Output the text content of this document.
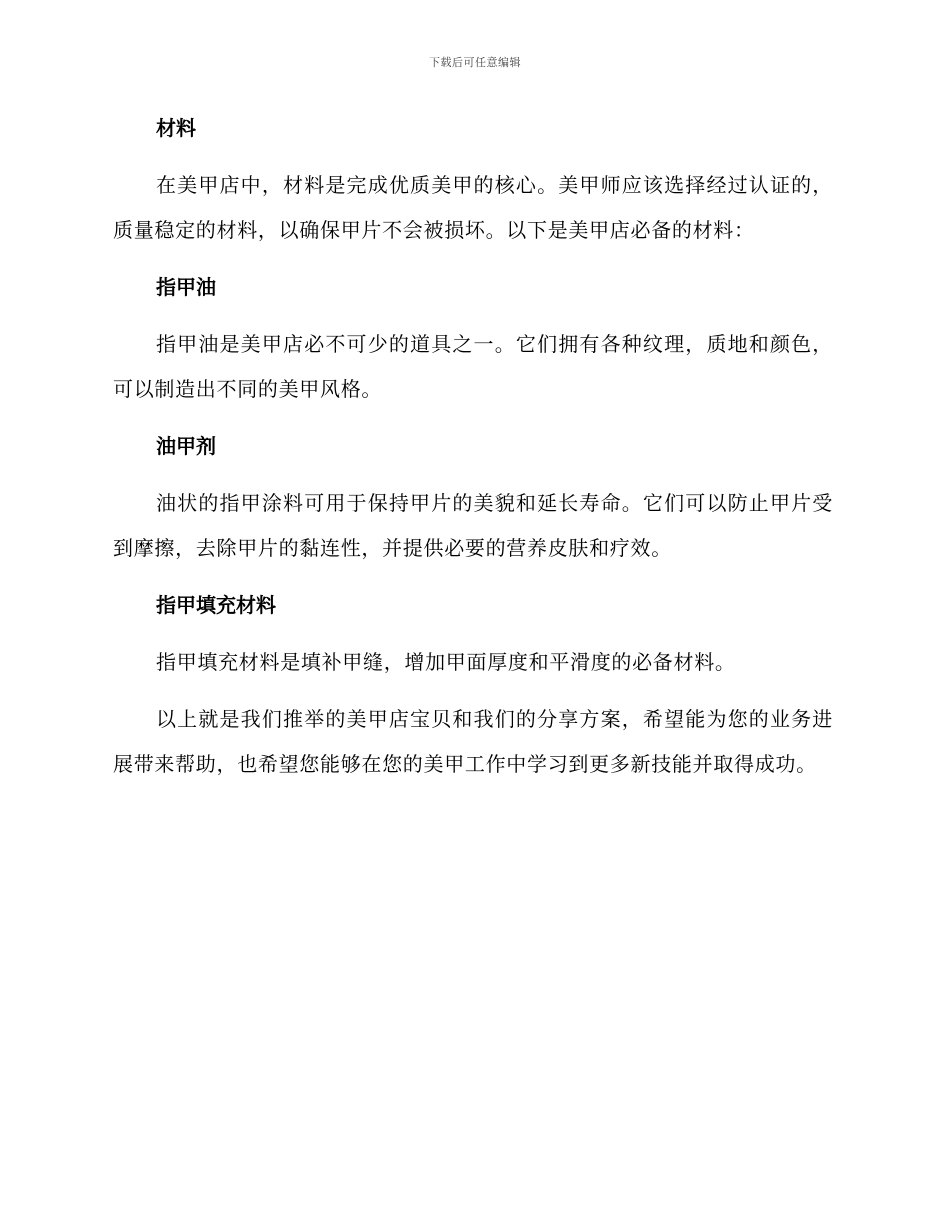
下载后可任意编辑
材料

在美甲店中，材料是完成优质美甲的核心。美甲师应该选择经过认证的，质量稳定的材料，以确保甲片不会被损坏。以下是美甲店必备的材料：

指甲油

指甲油是美甲店必不可少的道具之一。它们拥有各种纹理，质地和颜色，可以制造出不同的美甲风格。

油甲剂

油状的指甲涂料可用于保持甲片的美貌和延长寿命。它们可以防止甲片受到摩擦，去除甲片的黏连性，并提供必要的营养皮肤和疗效。

指甲填充材料

指甲填充材料是填补甲缝，增加甲面厚度和平滑度的必备材料。

以上就是我们推举的美甲店宝贝和我们的分享方案，希望能为您的业务进展带来帮助，也希望您能够在您的美甲工作中学习到更多新技能并取得成功。
